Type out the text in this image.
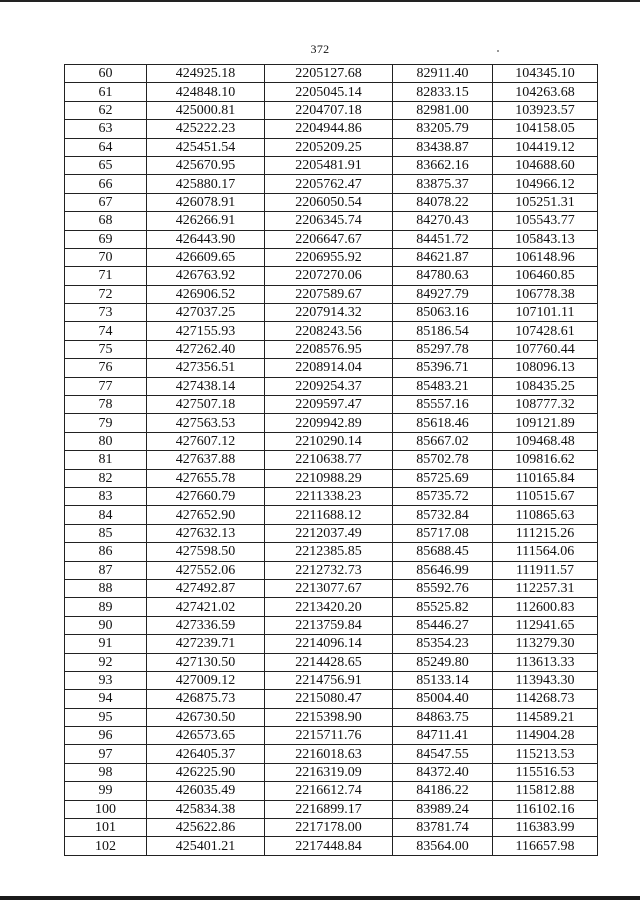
372
60	424925.18	2205127.68	82911.40	104345.10
61	424848.10	2205045.14	82833.15	104263.68
62	425000.81	2204707.18	82981.00	103923.57
63	425222.23	2204944.86	83205.79	104158.05
64	425451.54	2205209.25	83438.87	104419.12
65	425670.95	2205481.91	83662.16	104688.60
66	425880.17	2205762.47	83875.37	104966.12
67	426078.91	2206050.54	84078.22	105251.31
68	426266.91	2206345.74	84270.43	105543.77
69	426443.90	2206647.67	84451.72	105843.13
70	426609.65	2206955.92	84621.87	106148.96
71	426763.92	2207270.06	84780.63	106460.85
72	426906.52	2207589.67	84927.79	106778.38
73	427037.25	2207914.32	85063.16	107101.11
74	427155.93	2208243.56	85186.54	107428.61
75	427262.40	2208576.95	85297.78	107760.44
76	427356.51	2208914.04	85396.71	108096.13
77	427438.14	2209254.37	85483.21	108435.25
78	427507.18	2209597.47	85557.16	108777.32
79	427563.53	2209942.89	85618.46	109121.89
80	427607.12	2210290.14	85667.02	109468.48
81	427637.88	2210638.77	85702.78	109816.62
82	427655.78	2210988.29	85725.69	110165.84
83	427660.79	2211338.23	85735.72	110515.67
84	427652.90	2211688.12	85732.84	110865.63
85	427632.13	2212037.49	85717.08	111215.26
86	427598.50	2212385.85	85688.45	111564.06
87	427552.06	2212732.73	85646.99	111911.57
88	427492.87	2213077.67	85592.76	112257.31
89	427421.02	2213420.20	85525.82	112600.83
90	427336.59	2213759.84	85446.27	112941.65
91	427239.71	2214096.14	85354.23	113279.30
92	427130.50	2214428.65	85249.80	113613.33
93	427009.12	2214756.91	85133.14	113943.30
94	426875.73	2215080.47	85004.40	114268.73
95	426730.50	2215398.90	84863.75	114589.21
96	426573.65	2215711.76	84711.41	114904.28
97	426405.37	2216018.63	84547.55	115213.53
98	426225.90	2216319.09	84372.40	115516.53
99	426035.49	2216612.74	84186.22	115812.88
100	425834.38	2216899.17	83989.24	116102.16
101	425622.86	2217178.00	83781.74	116383.99
102	425401.21	2217448.84	83564.00	116657.98
